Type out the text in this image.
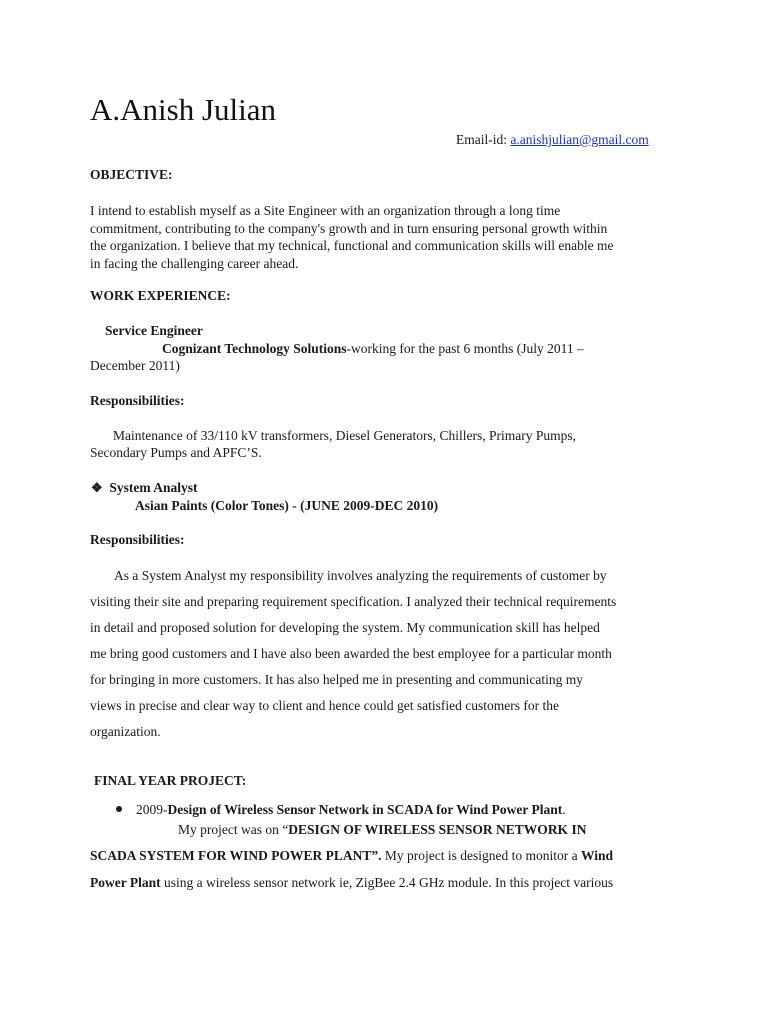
A.Anish Julian
Email-id: a.anishjulian@gmail.com
OBJECTIVE:
I intend to establish myself as a Site Engineer with an organization through a long time
commitment, contributing to the company's growth and in turn ensuring personal growth within
the organization. I believe that my technical, functional and communication skills will enable me
in facing the challenging career ahead.
WORK EXPERIENCE:
Service Engineer
Cognizant Technology Solutions-working for the past 6 months (July 2011 –
December 2011)
Responsibilities:
Maintenance of 33/110 kV transformers, Diesel Generators, Chillers, Primary Pumps,
Secondary Pumps and APFC’S.
❖ System Analyst
Asian Paints (Color Tones) - (JUNE 2009-DEC 2010)
Responsibilities:
As a System Analyst my responsibility involves analyzing the requirements of customer by
visiting their site and preparing requirement specification. I analyzed their technical requirements
in detail and proposed solution for developing the system. My communication skill has helped
me bring good customers and I have also been awarded the best employee for a particular month
for bringing in more customers. It has also helped me in presenting and communicating my
views in precise and clear way to client and hence could get satisfied customers for the
organization.
FINAL YEAR PROJECT:
2009-Design of Wireless Sensor Network in SCADA for Wind Power Plant.
My project was on “DESIGN OF WIRELESS SENSOR NETWORK IN
SCADA SYSTEM FOR WIND POWER PLANT”. My project is designed to monitor a Wind
Power Plant using a wireless sensor network ie, ZigBee 2.4 GHz module. In this project various
